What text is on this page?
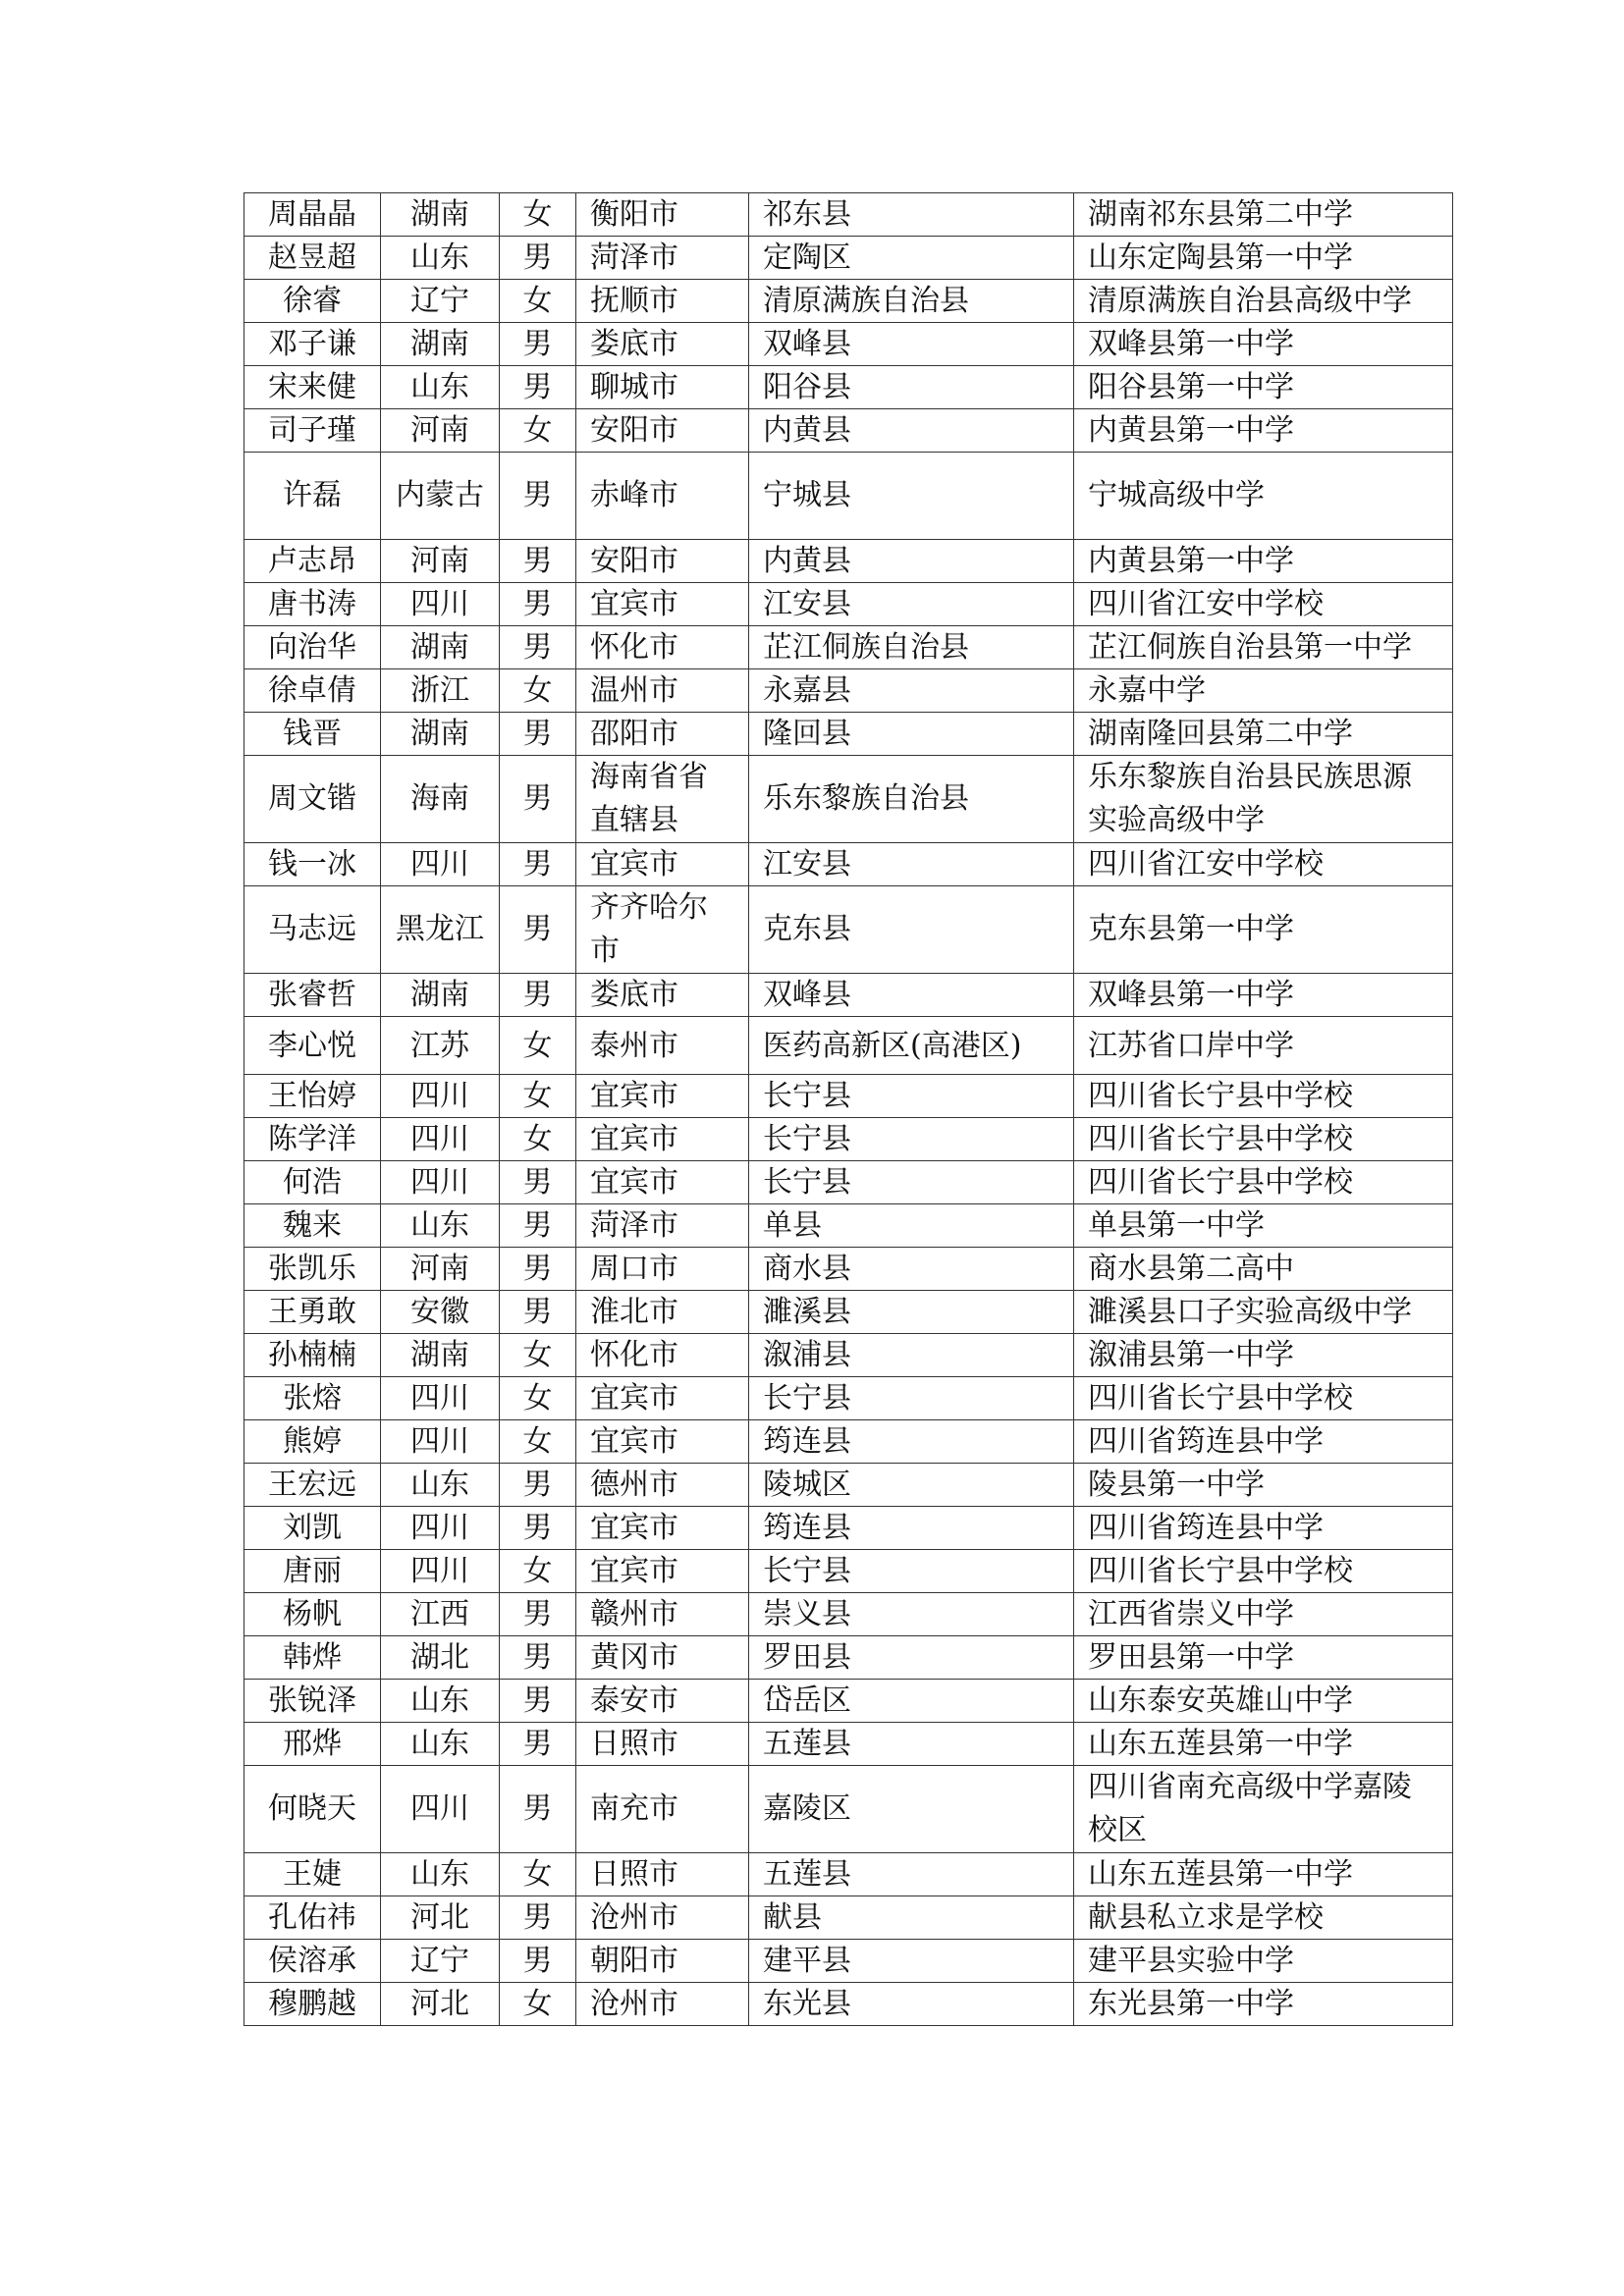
周晶晶	湖南	女	衡阳市	祁东县	湖南祁东县第二中学
赵昱超	山东	男	菏泽市	定陶区	山东定陶县第一中学
徐睿	辽宁	女	抚顺市	清原满族自治县	清原满族自治县高级中学
邓子谦	湖南	男	娄底市	双峰县	双峰县第一中学
宋来健	山东	男	聊城市	阳谷县	阳谷县第一中学
司子瑾	河南	女	安阳市	内黄县	内黄县第一中学
许磊	内蒙古	男	赤峰市	宁城县	宁城高级中学
卢志昂	河南	男	安阳市	内黄县	内黄县第一中学
唐书涛	四川	男	宜宾市	江安县	四川省江安中学校
向治华	湖南	男	怀化市	芷江侗族自治县	芷江侗族自治县第一中学
徐卓倩	浙江	女	温州市	永嘉县	永嘉中学
钱晋	湖南	男	邵阳市	隆回县	湖南隆回县第二中学
周文锴	海南	男	海南省省直辖县	乐东黎族自治县	乐东黎族自治县民族思源实验高级中学
钱一冰	四川	男	宜宾市	江安县	四川省江安中学校
马志远	黑龙江	男	齐齐哈尔市	克东县	克东县第一中学
张睿哲	湖南	男	娄底市	双峰县	双峰县第一中学
李心悦	江苏	女	泰州市	医药高新区(高港区)	江苏省口岸中学
王怡婷	四川	女	宜宾市	长宁县	四川省长宁县中学校
陈学洋	四川	女	宜宾市	长宁县	四川省长宁县中学校
何浩	四川	男	宜宾市	长宁县	四川省长宁县中学校
魏来	山东	男	菏泽市	单县	单县第一中学
张凯乐	河南	男	周口市	商水县	商水县第二高中
王勇敢	安徽	男	淮北市	濉溪县	濉溪县口子实验高级中学
孙楠楠	湖南	女	怀化市	溆浦县	溆浦县第一中学
张熔	四川	女	宜宾市	长宁县	四川省长宁县中学校
熊婷	四川	女	宜宾市	筠连县	四川省筠连县中学
王宏远	山东	男	德州市	陵城区	陵县第一中学
刘凯	四川	男	宜宾市	筠连县	四川省筠连县中学
唐丽	四川	女	宜宾市	长宁县	四川省长宁县中学校
杨帆	江西	男	赣州市	崇义县	江西省崇义中学
韩烨	湖北	男	黄冈市	罗田县	罗田县第一中学
张锐泽	山东	男	泰安市	岱岳区	山东泰安英雄山中学
邢烨	山东	男	日照市	五莲县	山东五莲县第一中学
何晓天	四川	男	南充市	嘉陵区	四川省南充高级中学嘉陵校区
王婕	山东	女	日照市	五莲县	山东五莲县第一中学
孔佑祎	河北	男	沧州市	献县	献县私立求是学校
侯溶承	辽宁	男	朝阳市	建平县	建平县实验中学
穆鹏越	河北	女	沧州市	东光县	东光县第一中学
